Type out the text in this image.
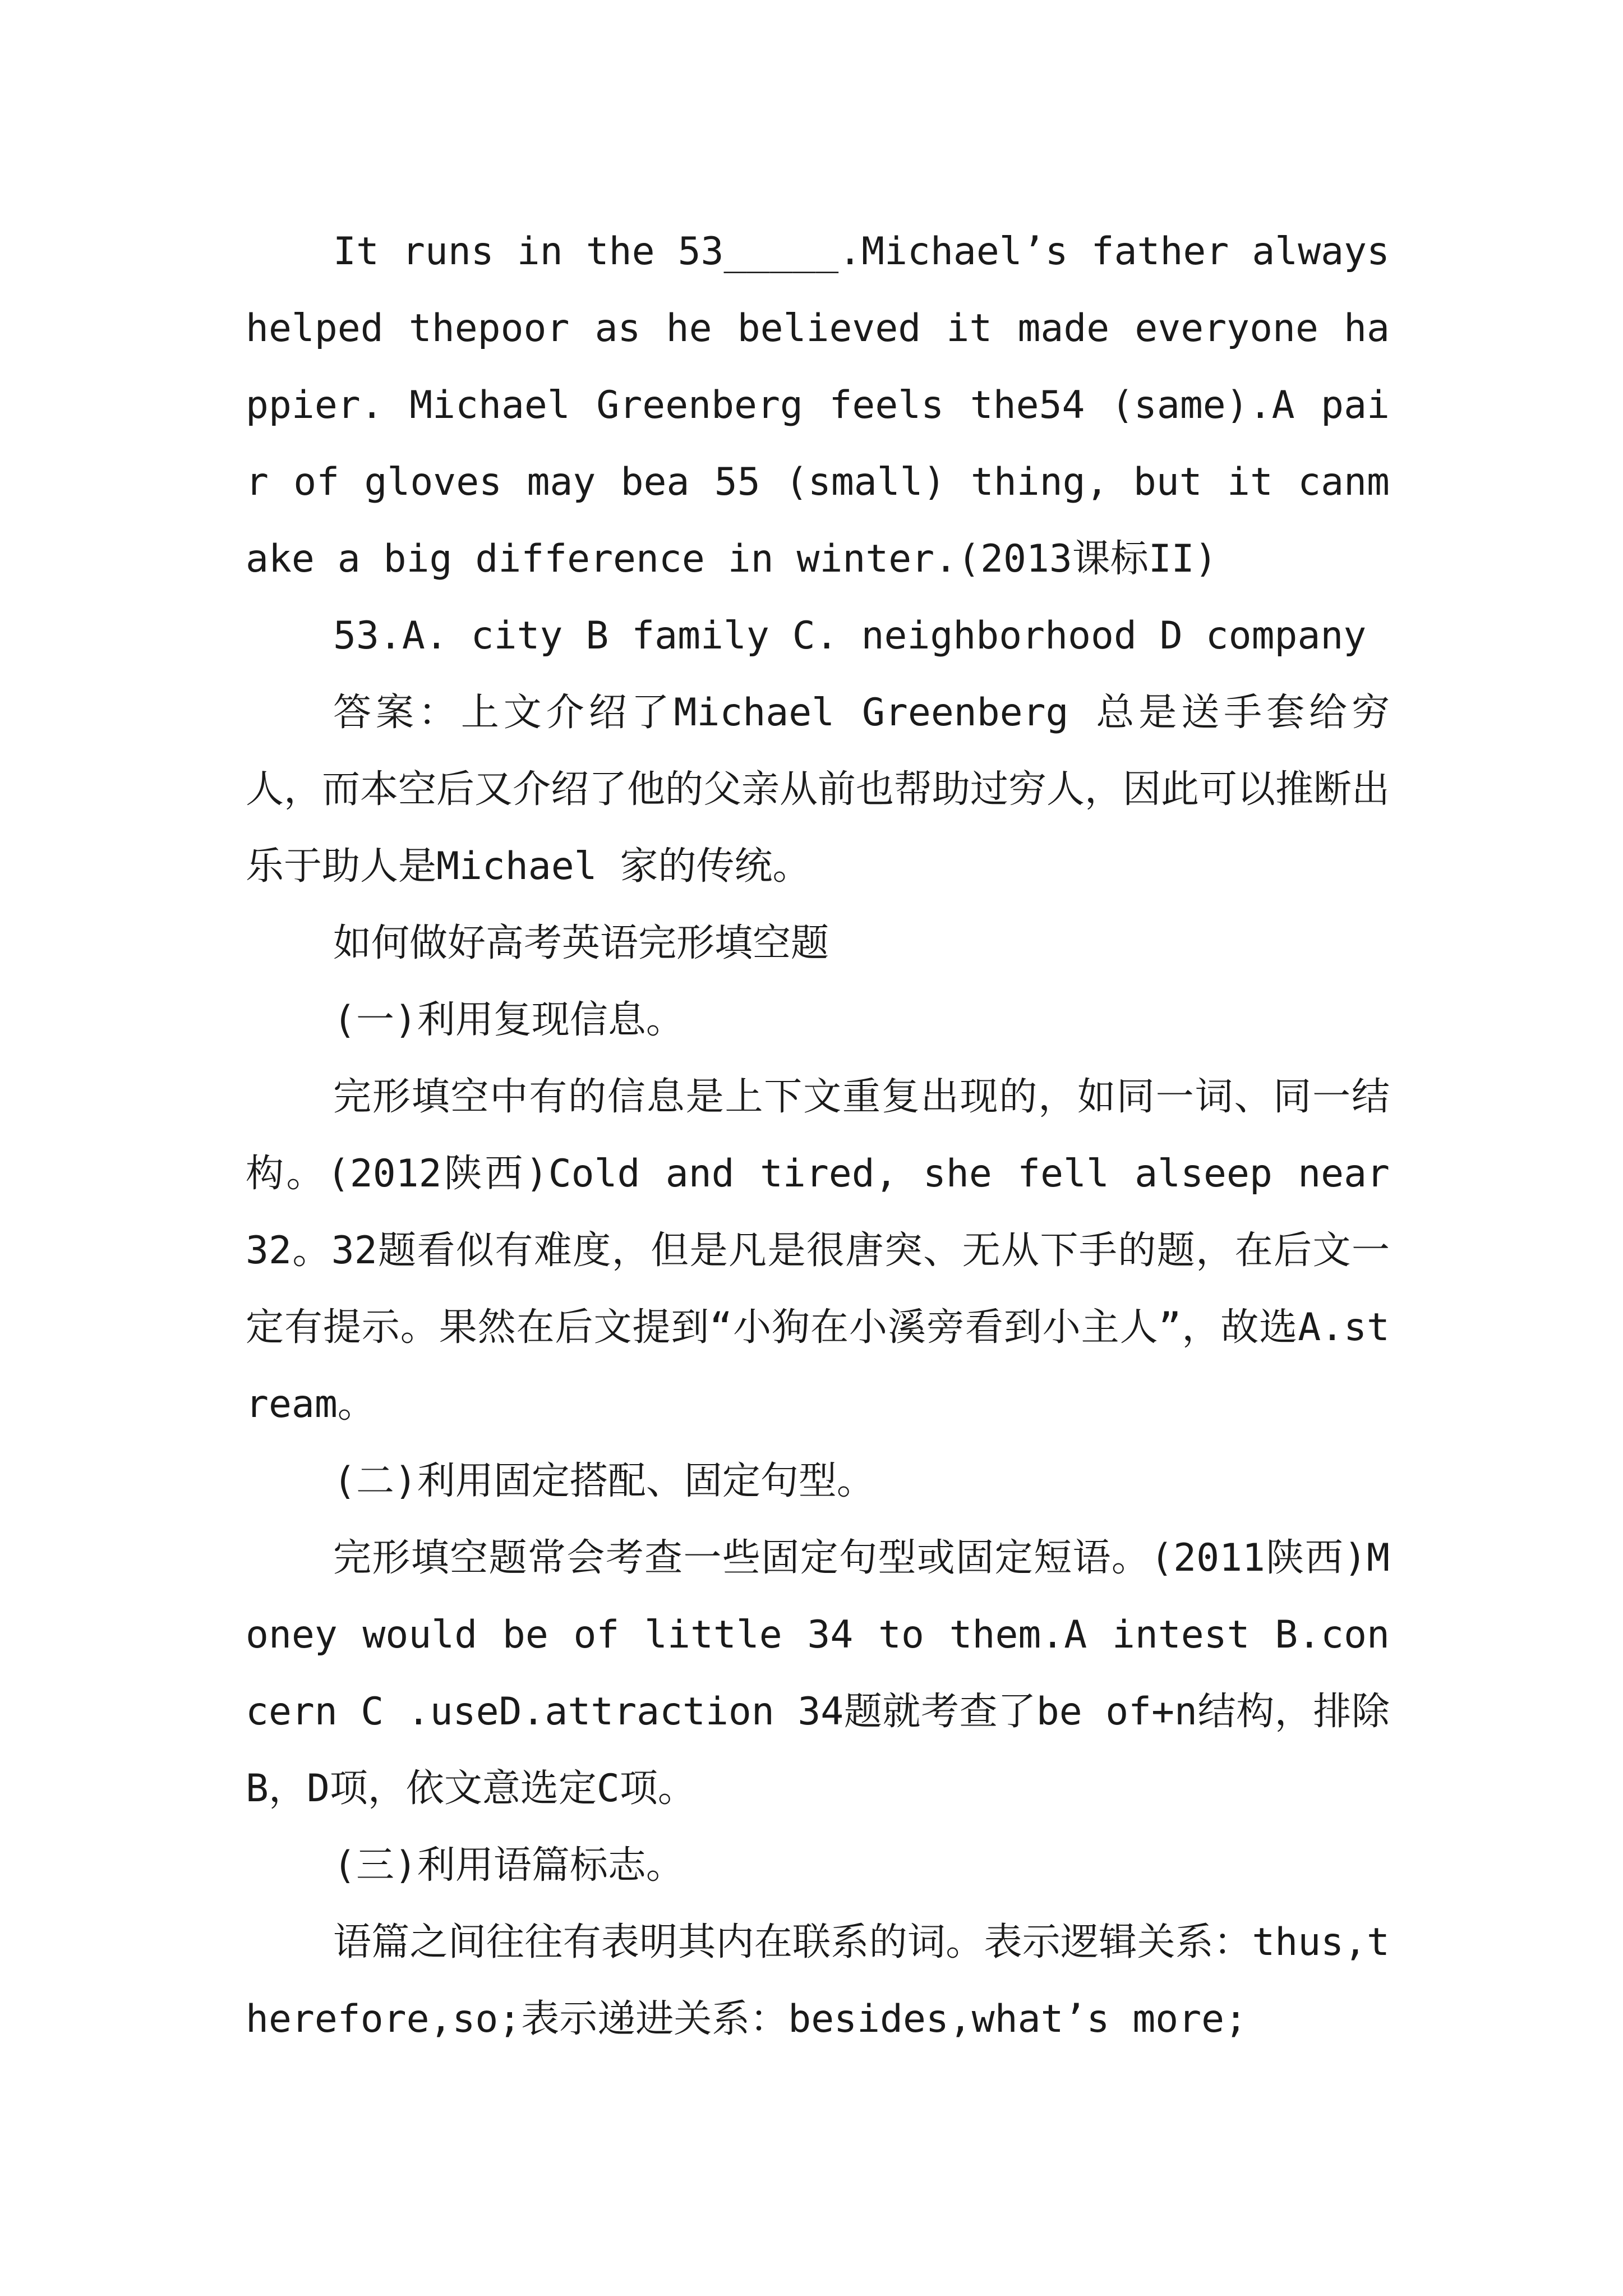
It runs in the 53_____.Michael’s father always helped thepoor as he believed it made everyone happier. Michael Greenberg feels the54 (same).A pair of gloves may bea 55 (small) thing, but it canmake a big difference in winter.(2013课标II)

53.A. city B family C. neighborhood D company

答案：上文介绍了Michael Greenberg 总是送手套给穷人，而本空后又介绍了他的父亲从前也帮助过穷人，因此可以推断出乐于助人是Michael 家的传统。

如何做好高考英语完形填空题

(一)利用复现信息。

完形填空中有的信息是上下文重复出现的，如同一词、同一结构。(2012陕西)Cold and tired, she fell alseep near 32。32题看似有难度，但是凡是很唐突、无从下手的题，在后文一定有提示。果然在后文提到“小狗在小溪旁看到小主人”，故选A.stream。

(二)利用固定搭配、固定句型。

完形填空题常会考查一些固定句型或固定短语。(2011陕西)Money would be of little 34 to them.A intest B.concern C .useD.attraction 34题就考查了be of+n结构，排除B，D项，依文意选定C项。

(三)利用语篇标志。

语篇之间往往有表明其内在联系的词。表示逻辑关系：thus,therefore,so;表示递进关系：besides,what’s more;
